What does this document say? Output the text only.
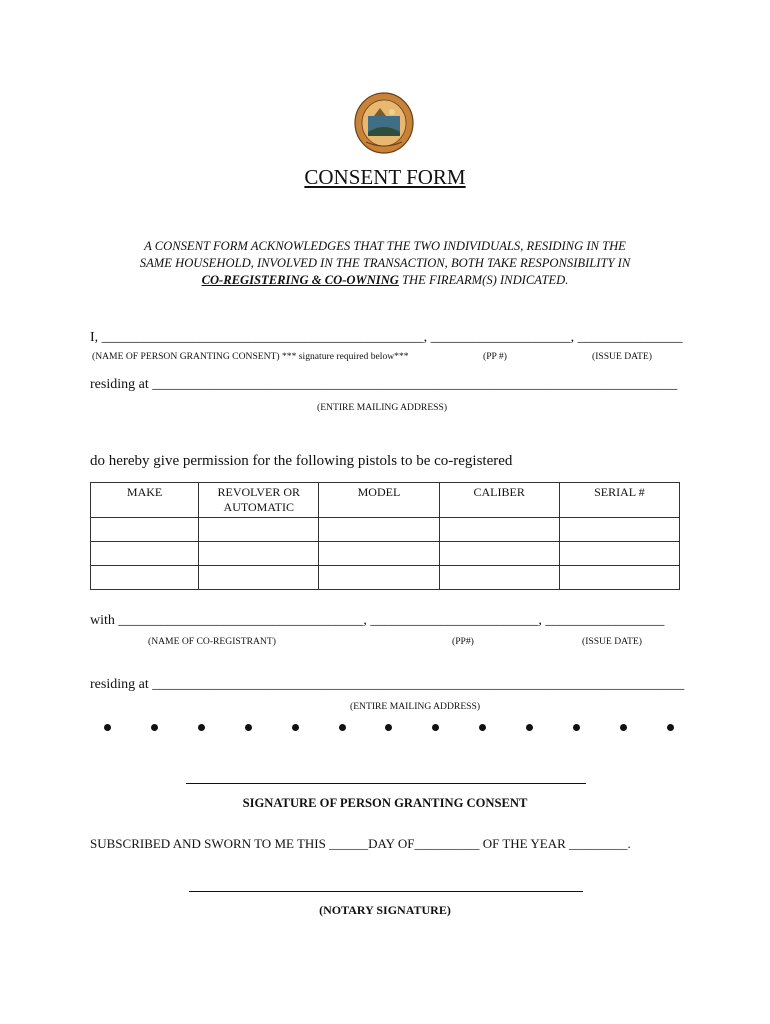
CONSENT FORM
A CONSENT FORM ACKNOWLEDGES THAT THE TWO INDIVIDUALS, RESIDING IN THE
SAME HOUSEHOLD, INVOLVED IN THE TRANSACTION, BOTH TAKE RESPONSIBILITY IN
CO-REGISTERING & CO-OWNING THE FIREARM(S) INDICATED.
I, ______________________________________________, ____________________, _______________
(NAME OF PERSON GRANTING CONSENT) *** signature required below***	(PP #)	(ISSUE DATE)
residing at ___________________________________________________________________________
(ENTIRE MAILING ADDRESS)
do hereby give permission for the following pistols to be co-registered
MAKE	REVOLVER OR AUTOMATIC	MODEL	CALIBER	SERIAL #

with ___________________________________, ________________________, _________________
(NAME OF CO-REGISTRANT)	(PP#)	(ISSUE DATE)
residing at ____________________________________________________________________________
(ENTIRE MAILING ADDRESS)
SIGNATURE OF PERSON GRANTING CONSENT
SUBSCRIBED AND SWORN TO ME THIS ______DAY OF__________ OF THE YEAR _________.
(NOTARY SIGNATURE)
